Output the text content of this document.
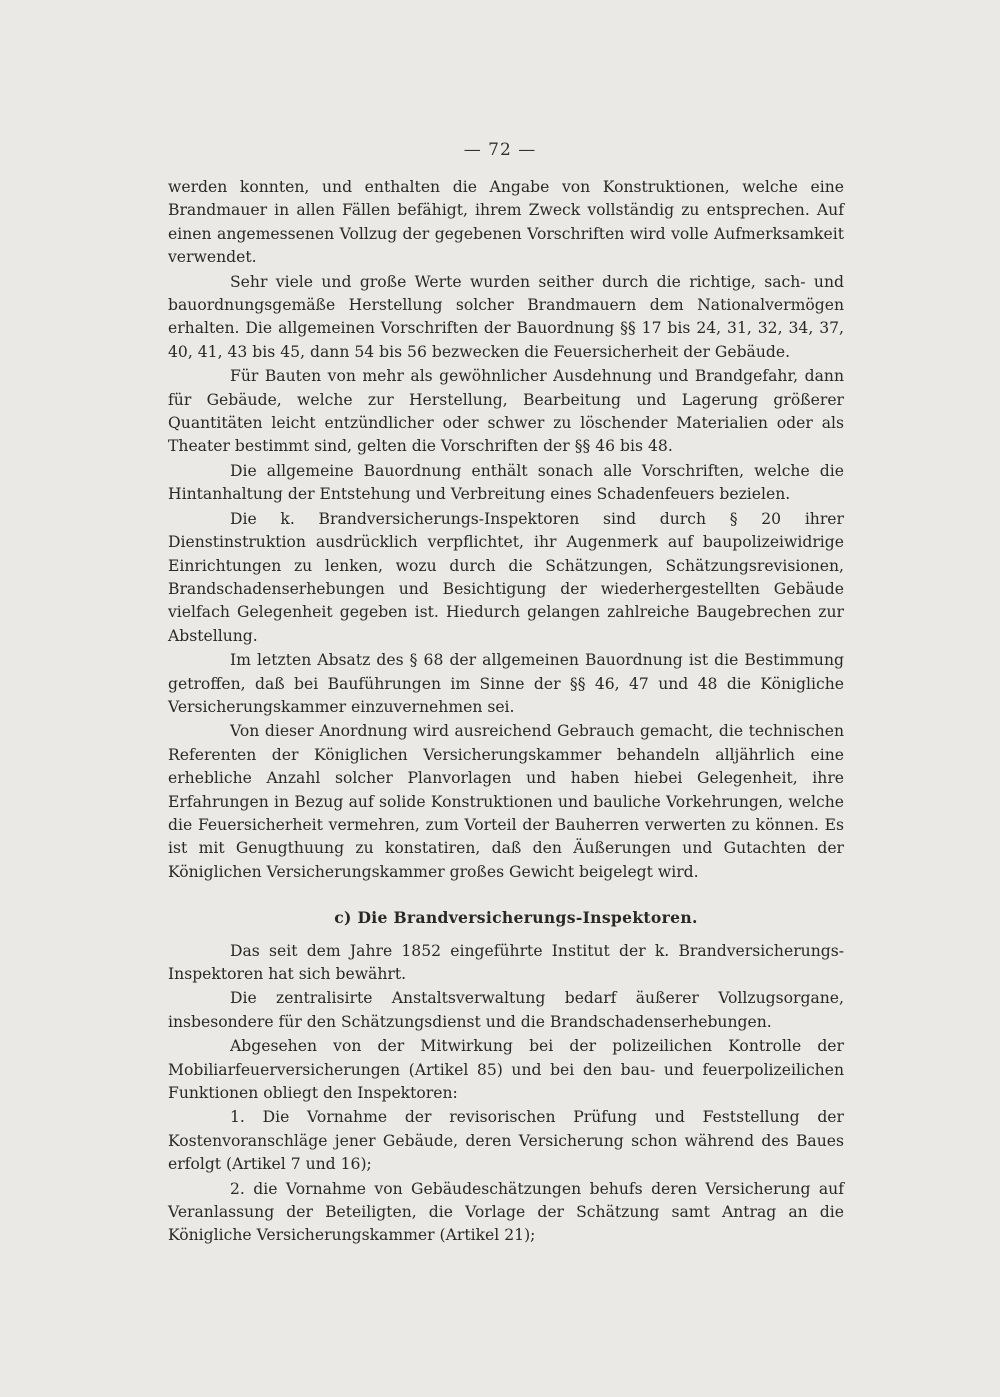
— 72 —

werden konnten, und enthalten die Angabe von Konstruktionen, welche eine Brandmauer in allen Fällen befähigt, ihrem Zweck vollständig zu entsprechen. Auf einen angemessenen Vollzug der gegebenen Vorschriften wird volle Aufmerksamkeit verwendet.

Sehr viele und große Werte wurden seither durch die richtige, sach- und bauordnungsgemäße Herstellung solcher Brandmauern dem Nationalvermögen erhalten. Die allgemeinen Vorschriften der Bauordnung §§ 17 bis 24, 31, 32, 34, 37, 40, 41, 43 bis 45, dann 54 bis 56 bezwecken die Feuersicherheit der Gebäude.

Für Bauten von mehr als gewöhnlicher Ausdehnung und Brandgefahr, dann für Gebäude, welche zur Herstellung, Bearbeitung und Lagerung größerer Quantitäten leicht entzündlicher oder schwer zu löschender Materialien oder als Theater bestimmt sind, gelten die Vorschriften der §§ 46 bis 48.

Die allgemeine Bauordnung enthält sonach alle Vorschriften, welche die Hintanhaltung der Entstehung und Verbreitung eines Schadenfeuers bezielen.

Die k. Brandversicherungs-Inspektoren sind durch § 20 ihrer Dienstinstruktion ausdrücklich verpflichtet, ihr Augenmerk auf baupolizeiwidrige Einrichtungen zu lenken, wozu durch die Schätzungen, Schätzungsrevisionen, Brandschadenserhebungen und Besichtigung der wiederhergestellten Gebäude vielfach Gelegenheit gegeben ist. Hiedurch gelangen zahlreiche Baugebrechen zur Abstellung.

Im letzten Absatz des § 68 der allgemeinen Bauordnung ist die Bestimmung getroffen, daß bei Bauführungen im Sinne der §§ 46, 47 und 48 die Königliche Versicherungskammer einzuvernehmen sei.

Von dieser Anordnung wird ausreichend Gebrauch gemacht, die technischen Referenten der Königlichen Versicherungskammer behandeln alljährlich eine erhebliche Anzahl solcher Planvorlagen und haben hiebei Gelegenheit, ihre Erfahrungen in Bezug auf solide Konstruktionen und bauliche Vorkehrungen, welche die Feuersicherheit vermehren, zum Vorteil der Bauherren verwerten zu können. Es ist mit Genugthuung zu konstatiren, daß den Äußerungen und Gutachten der Königlichen Versicherungskammer großes Gewicht beigelegt wird.

c) Die Brandversicherungs-Inspektoren.

Das seit dem Jahre 1852 eingeführte Institut der k. Brandversicherungs-Inspektoren hat sich bewährt.

Die zentralisirte Anstaltsverwaltung bedarf äußerer Vollzugsorgane, insbesondere für den Schätzungsdienst und die Brandschadenserhebungen.

Abgesehen von der Mitwirkung bei der polizeilichen Kontrolle der Mobiliarfeuerversicherungen (Artikel 85) und bei den bau- und feuerpolizeilichen Funktionen obliegt den Inspektoren:

1. Die Vornahme der revisorischen Prüfung und Feststellung der Kostenvoranschläge jener Gebäude, deren Versicherung schon während des Baues erfolgt (Artikel 7 und 16);

2. die Vornahme von Gebäudeschätzungen behufs deren Versicherung auf Veranlassung der Beteiligten, die Vorlage der Schätzung samt Antrag an die Königliche Versicherungskammer (Artikel 21);
